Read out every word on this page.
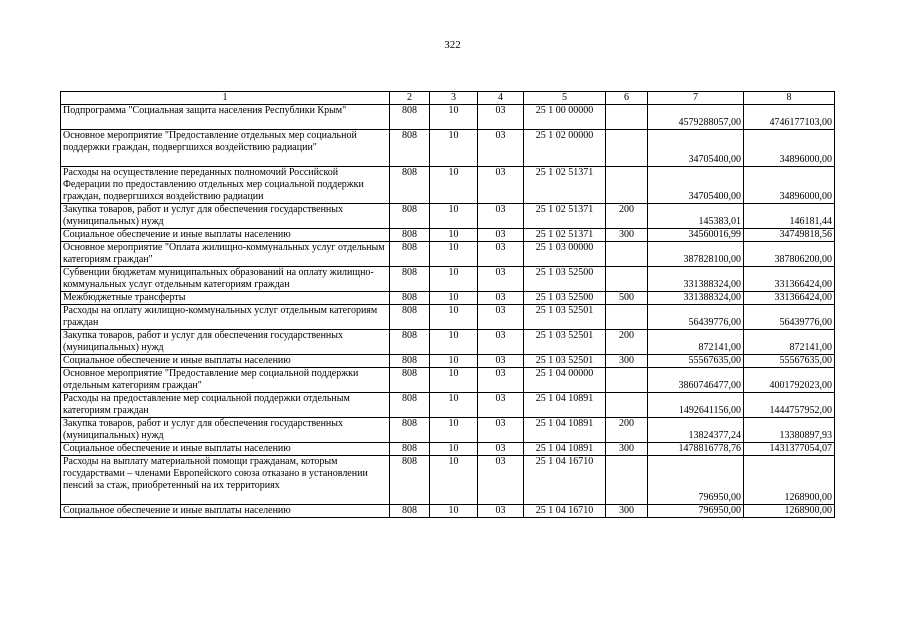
322
1	2	3	4	5	6	7	8
Подпрограмма "Социальная защита населения Республики Крым"	808	10	03	25 1 00 00000		4579288057,00	4746177103,00
Основное мероприятие "Предоставление отдельных мер социальной поддержки граждан, подвергшихся воздействию радиации"	808	10	03	25 1 02 00000		34705400,00	34896000,00
Расходы на осуществление переданных полномочий Российской Федерации по предоставлению отдельных мер социальной поддержки граждан, подвергшихся воздействию радиации	808	10	03	25 1 02 51371		34705400,00	34896000,00
Закупка товаров, работ и услуг для обеспечения государственных (муниципальных) нужд	808	10	03	25 1 02 51371	200	145383,01	146181,44
Социальное обеспечение и иные выплаты населению	808	10	03	25 1 02 51371	300	34560016,99	34749818,56
Основное мероприятие "Оплата жилищно-коммунальных услуг отдельным категориям граждан"	808	10	03	25 1 03 00000		387828100,00	387806200,00
Субвенции бюджетам муниципальных образований на оплату жилищно-коммунальных услуг отдельным категориям граждан	808	10	03	25 1 03 52500		331388324,00	331366424,00
Межбюджетные трансферты	808	10	03	25 1 03 52500	500	331388324,00	331366424,00
Расходы на оплату жилищно-коммунальных услуг отдельным категориям граждан	808	10	03	25 1 03 52501		56439776,00	56439776,00
Закупка товаров, работ и услуг для обеспечения государственных (муниципальных) нужд	808	10	03	25 1 03 52501	200	872141,00	872141,00
Социальное обеспечение и иные выплаты населению	808	10	03	25 1 03 52501	300	55567635,00	55567635,00
Основное мероприятие "Предоставление мер социальной поддержки отдельным категориям граждан"	808	10	03	25 1 04 00000		3860746477,00	4001792023,00
Расходы на предоставление мер социальной поддержки отдельным категориям граждан	808	10	03	25 1 04 10891		1492641156,00	1444757952,00
Закупка товаров, работ и услуг для обеспечения государственных (муниципальных) нужд	808	10	03	25 1 04 10891	200	13824377,24	13380897,93
Социальное обеспечение и иные выплаты населению	808	10	03	25 1 04 10891	300	1478816778,76	1431377054,07
Расходы на выплату материальной помощи гражданам, которым государствами – членами Европейского союза отказано в установлении пенсий за стаж, приобретенный на их территориях	808	10	03	25 1 04 16710		796950,00	1268900,00
Социальное обеспечение и иные выплаты населению	808	10	03	25 1 04 16710	300	796950,00	1268900,00
